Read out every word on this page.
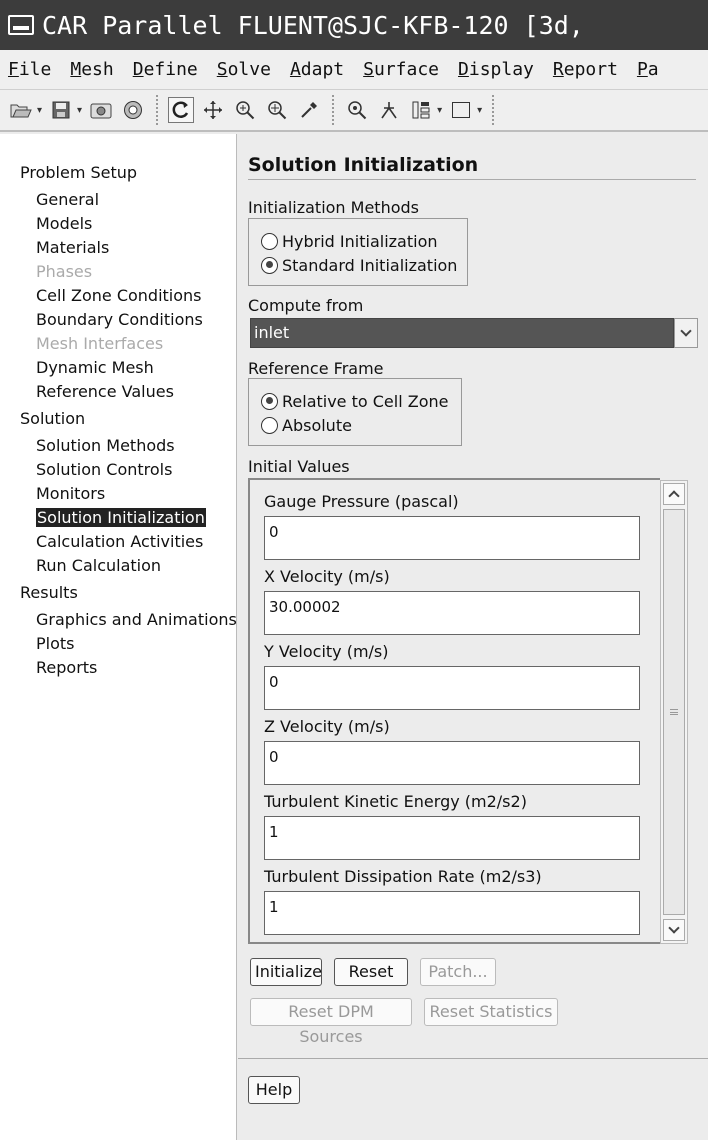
CAR Parallel FLUENT@SJC-KFB-120 [3d,
File	Mesh	Define	Solve	Adapt	Surface	Display	Report	Pa
▾	▾	▾	▾
Problem Setup
General
Models
Materials
Phases
Cell Zone Conditions
Boundary Conditions
Mesh Interfaces
Dynamic Mesh
Reference Values
Solution
Solution Methods
Solution Controls
Monitors
Solution Initialization
Calculation Activities
Run Calculation
Results
Graphics and Animations
Plots
Reports
Solution Initialization
Initialization Methods
Hybrid Initialization
Standard Initialization
Compute from
inlet
Reference Frame
Relative to Cell Zone
Absolute
Initial Values
Gauge Pressure (pascal)
0
X Velocity (m/s)
30.00002
Y Velocity (m/s)
0
Z Velocity (m/s)
0
Turbulent Kinetic Energy (m2/s2)
1
Turbulent Dissipation Rate (m2/s3)
1
Initialize	Reset	Patch...
Reset DPM Sources
Reset Statistics
Help
